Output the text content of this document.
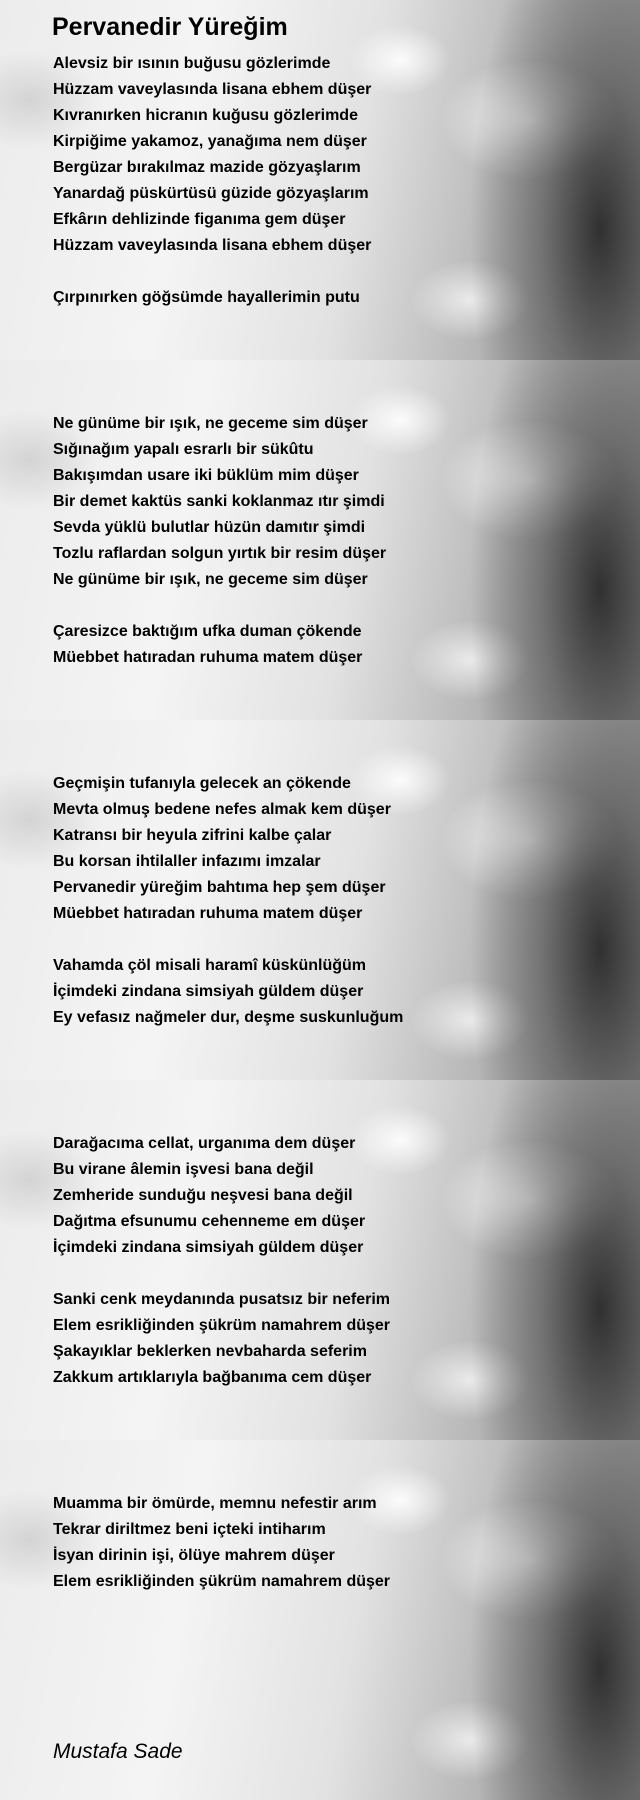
Pervanedir Yüreğim
Alevsiz bir ısının buğusu gözlerimde
Hüzzam vaveylasında lisana ebhem düşer
Kıvranırken hicranın kuğusu gözlerimde
Kirpiğime yakamoz, yanağıma nem düşer
Bergüzar bırakılmaz mazide gözyaşlarım
Yanardağ püskürtüsü güzide gözyaşlarım
Efkârın dehlizinde figanıma gem düşer
Hüzzam vaveylasında lisana ebhem düşer
Çırpınırken göğsümde hayallerimin putu
Ne günüme bir ışık, ne geceme sim düşer
Sığınağım yapalı esrarlı bir sükûtu
Bakışımdan usare iki büklüm mim düşer
Bir demet kaktüs sanki koklanmaz ıtır şimdi
Sevda yüklü bulutlar hüzün damıtır şimdi
Tozlu raflardan solgun yırtık bir resim düşer
Ne günüme bir ışık, ne geceme sim düşer
Çaresizce baktığım ufka duman çökende
Müebbet hatıradan ruhuma matem düşer
Geçmişin tufanıyla gelecek an çökende
Mevta olmuş bedene nefes almak kem düşer
Katransı bir heyula zifrini kalbe çalar
Bu korsan ihtilaller infazımı imzalar
Pervanedir yüreğim bahtıma hep şem düşer
Müebbet hatıradan ruhuma matem düşer
Vahamda çöl misali haramî küskünlüğüm
İçimdeki zindana simsiyah güldem düşer
Ey vefasız nağmeler dur, deşme suskunluğum
Darağacıma cellat, urganıma dem düşer
Bu virane âlemin işvesi bana değil
Zemheride sunduğu neşvesi bana değil
Dağıtma efsunumu cehenneme em düşer
İçimdeki zindana simsiyah güldem düşer
Sanki cenk meydanında pusatsız bir neferim
Elem esrikliğinden şükrüm namahrem düşer
Şakayıklar beklerken nevbaharda seferim
Zakkum artıklarıyla bağbanıma cem düşer
Muamma bir ömürde, memnu nefestir arım
Tekrar diriltmez beni içteki intiharım
İsyan dirinin işi, ölüye mahrem düşer
Elem esrikliğinden şükrüm namahrem düşer
Mustafa Sade
